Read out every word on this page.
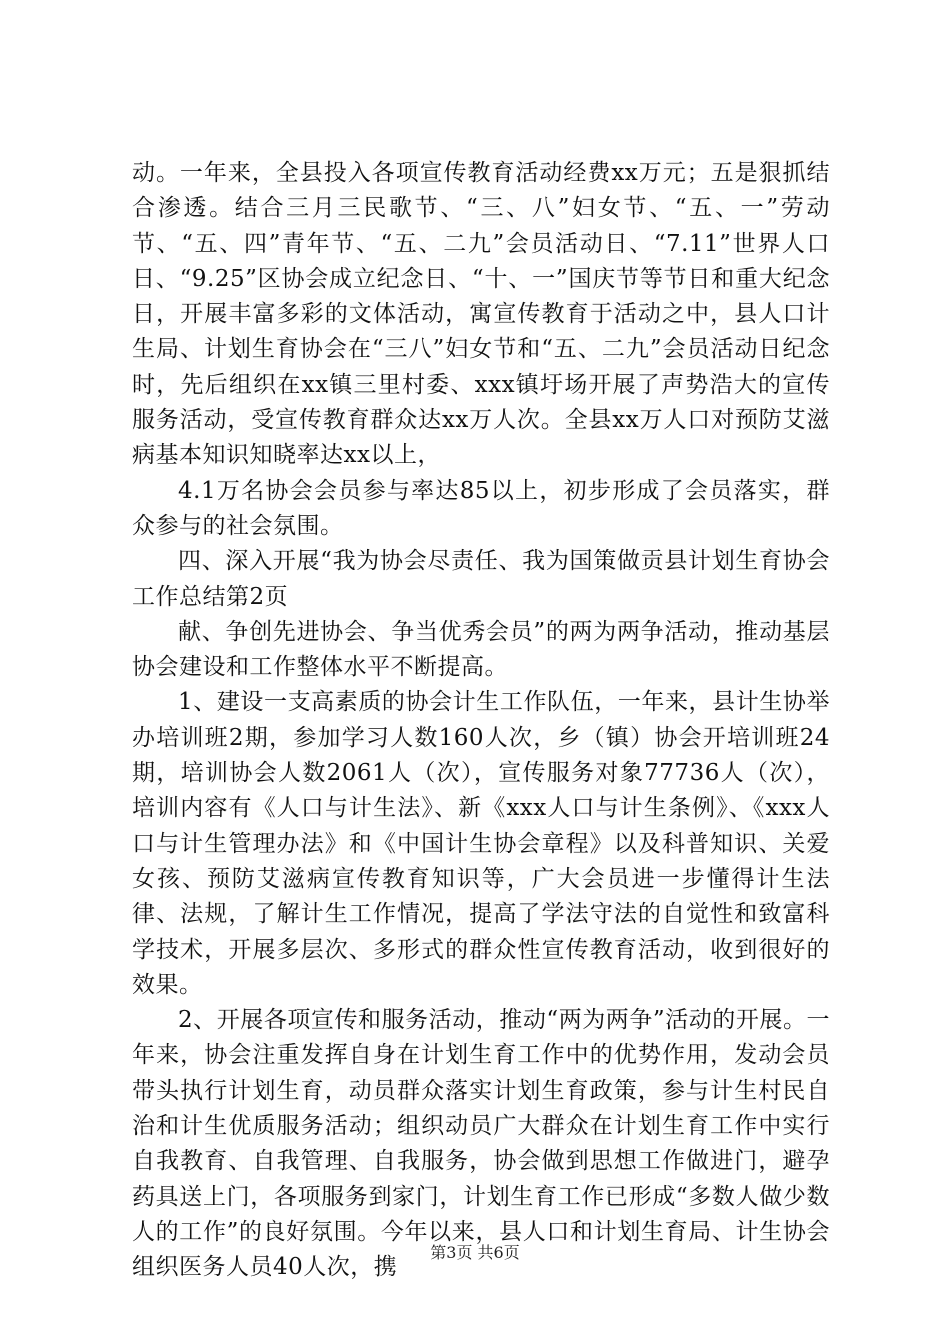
动。一年来，全县投入各项宣传教育活动经费xx万元；五是狠抓结合渗透。结合三月三民歌节、“三、八”妇女节、“五、一”劳动节、“五、四”青年节、“五、二九”会员活动日、“7.11”世界人口日、“9.25”区协会成立纪念日、“十、一”国庆节等节日和重大纪念日，开展丰富多彩的文体活动，寓宣传教育于活动之中，县人口计生局、计划生育协会在“三八”妇女节和“五、二九”会员活动日纪念时，先后组织在xx镇三里村委、xxx镇圩场开展了声势浩大的宣传服务活动，受宣传教育群众达xx万人次。全县xx万人口对预防艾滋病基本知识知晓率达xx以上，

4.1万名协会会员参与率达85以上，初步形成了会员落实，群众参与的社会氛围。

四、深入开展“我为协会尽责任、我为国策做贡县计划生育协会工作总结第2页

献、争创先进协会、争当优秀会员”的两为两争活动，推动基层协会建设和工作整体水平不断提高。

1、建设一支高素质的协会计生工作队伍，一年来，县计生协举办培训班2期，参加学习人数160人次，乡（镇）协会开培训班24期，培训协会人数2061人（次），宣传服务对象77736人（次），培训内容有《人口与计生法》、新《xxx人口与计生条例》、《xxx人口与计生管理办法》和《中国计生协会章程》以及科普知识、关爱女孩、预防艾滋病宣传教育知识等，广大会员进一步懂得计生法律、法规，了解计生工作情况，提高了学法守法的自觉性和致富科学技术，开展多层次、多形式的群众性宣传教育活动，收到很好的效果。

2、开展各项宣传和服务活动，推动“两为两争”活动的开展。一年来，协会注重发挥自身在计划生育工作中的优势作用，发动会员带头执行计划生育，动员群众落实计划生育政策，参与计生村民自治和计生优质服务活动；组织动员广大群众在计划生育工作中实行自我教育、自我管理、自我服务，协会做到思想工作做进门，避孕药具送上门，各项服务到家门，计划生育工作已形成“多数人做少数人的工作”的良好氛围。今年以来，县人口和计划生育局、计生协会组织医务人员40人次，携

第3页 共6页
